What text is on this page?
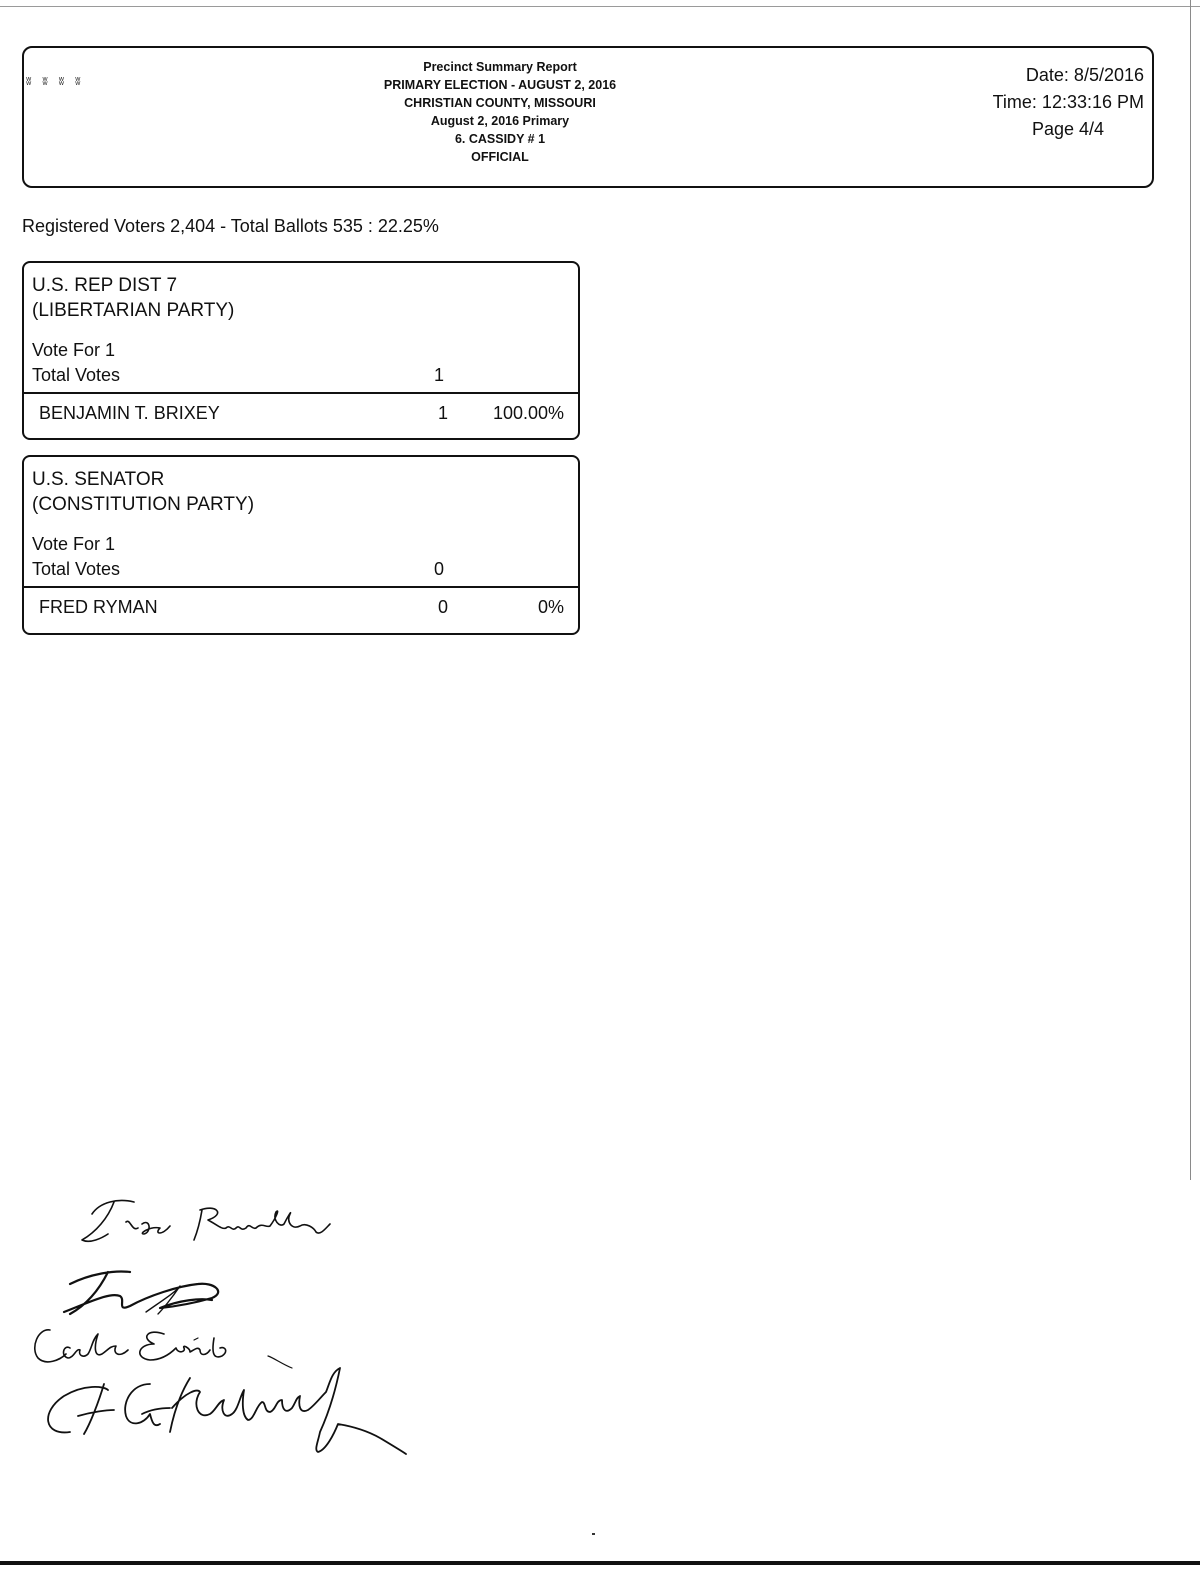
ʬ ʬ ʬ ʬ
Precinct Summary Report
PRIMARY ELECTION - AUGUST 2, 2016
CHRISTIAN COUNTY, MISSOURI
August 2, 2016 Primary
6. CASSIDY # 1
OFFICIAL
Date: 8/5/2016
Time: 12:33:16 PM
Page 4/4
Registered Voters 2,404 - Total Ballots 535 : 22.25%
U.S. REP DIST 7
(LIBERTARIAN PARTY)
Vote For 1
Total Votes	1
BENJAMIN T. BRIXEY	1	100.00%
U.S. SENATOR
(CONSTITUTION PARTY)
Vote For 1
Total Votes	0
FRED RYMAN	0	0%
